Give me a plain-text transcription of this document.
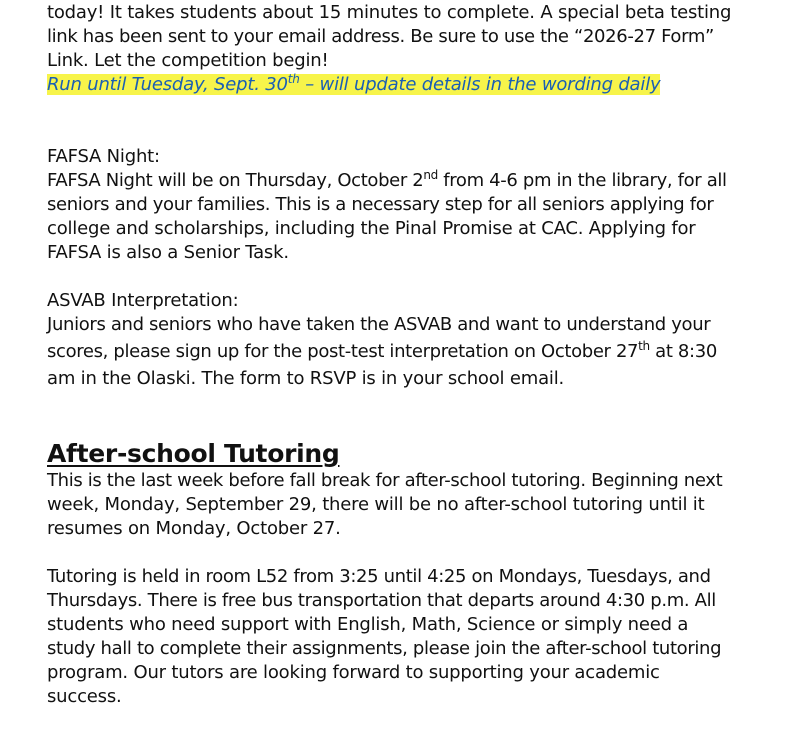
today! It takes students about 15 minutes to complete. A special beta testing

link has been sent to your email address. Be sure to use the “2026-27 Form”

Link. Let the competition begin!

Run until Tuesday, Sept. 30th – will update details in the wording daily

FAFSA Night:

FAFSA Night will be on Thursday, October 2nd from 4-6 pm in the library, for all

seniors and your families. This is a necessary step for all seniors applying for

college and scholarships, including the Pinal Promise at CAC. Applying for

FAFSA is also a Senior Task.

ASVAB Interpretation:

Juniors and seniors who have taken the ASVAB and want to understand your

scores, please sign up for the post-test interpretation on October 27th at 8:30

am in the Olaski. The form to RSVP is in your school email.

After-school Tutoring

This is the last week before fall break for after-school tutoring. Beginning next

week, Monday, September 29, there will be no after-school tutoring until it

resumes on Monday, October 27.

Tutoring is held in room L52 from 3:25 until 4:25 on Mondays, Tuesdays, and

Thursdays. There is free bus transportation that departs around 4:30 p.m. All

students who need support with English, Math, Science or simply need a

study hall to complete their assignments, please join the after-school tutoring

program. Our tutors are looking forward to supporting your academic

success.
